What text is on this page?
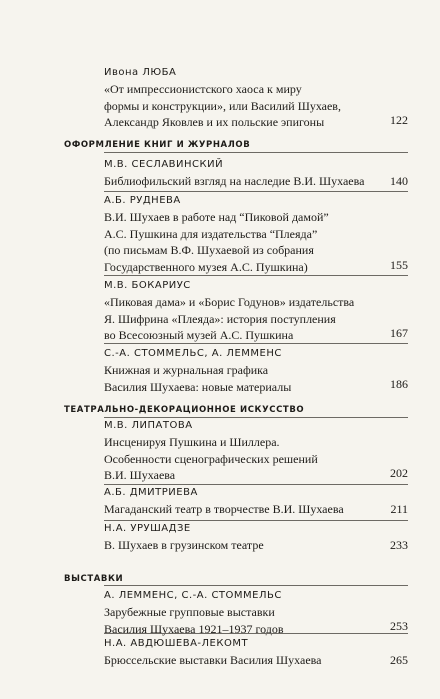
Ивона ЛЮБА
«От импрессионистского хаоса к миру
формы и конструкции», или Василий Шухаев,
Александр Яковлев и их польские эпигоны	122
ОФОРМЛЕНИЕ КНИГ И ЖУРНАЛОВ
М.В. СЕСЛАВИНСКИЙ
Библиофильский взгляд на наследие В.И. Шухаева	140
А.Б. РУДНЕВА
В.И. Шухаев в работе над “Пиковой дамой”
А.С. Пушкина для издательства “Плеяда”
(по письмам В.Ф. Шухаевой из собрания
Государственного музея А.С. Пушкина)	155
М.В. БОКАРИУС
«Пиковая дама» и «Борис Годунов» издательства
Я. Шифрина «Плеяда»: история поступления
во Всесоюзный музей А.С. Пушкина	167
С.-А. СТОММЕЛЬС, А. ЛЕММЕНС
Книжная и журнальная графика
Василия Шухаева: новые материалы	186
ТЕАТРАЛЬНО-ДЕКОРАЦИОННОЕ ИСКУССТВО
М.В. ЛИПАТОВА
Инсценируя Пушкина и Шиллера.
Особенности сценографических решений
В.И. Шухаева	202
А.Б. ДМИТРИЕВА
Магаданский театр в творчестве В.И. Шухаева	211
Н.А. УРУШАДЗЕ
В. Шухаев в грузинском театре	233
ВЫСТАВКИ
А. ЛЕММЕНС, С.-А. СТОММЕЛЬС
Зарубежные групповые выставки
Василия Шухаева 1921–1937 годов	253
Н.А. АВДЮШЕВА-ЛЕКОМТ
Брюссельские выставки Василия Шухаева	265
